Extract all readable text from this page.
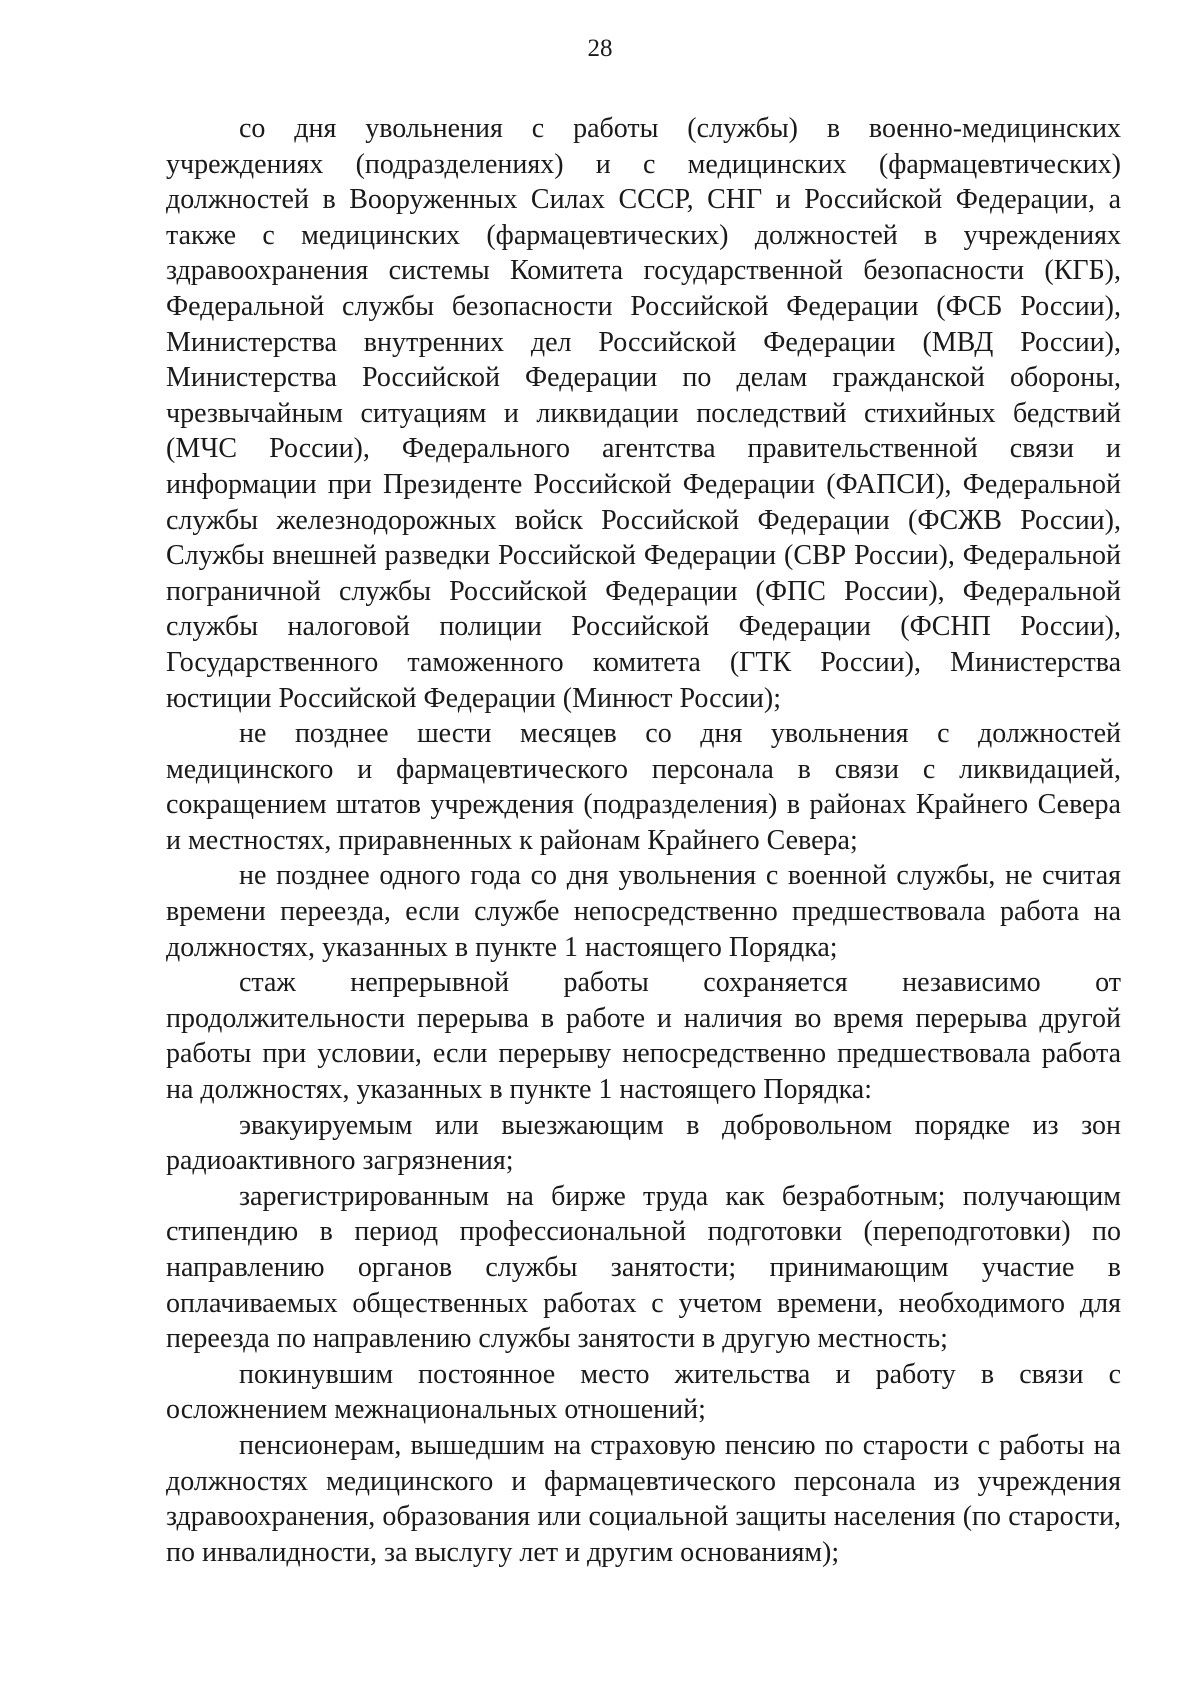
28

со дня увольнения с работы (службы) в военно-медицинских учреждениях (подразделениях) и с медицинских (фармацевтических) должностей в Вооруженных Силах СССР, СНГ и Российской Федерации, а также с медицинских (фармацевтических) должностей в учреждениях здравоохранения системы Комитета государственной безопасности (КГБ), Федеральной службы безопасности Российской Федерации (ФСБ России), Министерства внутренних дел Российской Федерации (МВД России), Министерства Российской Федерации по делам гражданской обороны, чрезвычайным ситуациям и ликвидации последствий стихийных бедствий (МЧС России), Федерального агентства правительственной связи и информации при Президенте Российской Федерации (ФАПСИ), Федеральной службы железнодорожных войск Российской Федерации (ФСЖВ России), Службы внешней разведки Российской Федерации (СВР России), Федеральной пограничной службы Российской Федерации (ФПС России), Федеральной службы налоговой полиции Российской Федерации (ФСНП России), Государственного таможенного комитета (ГТК России), Министерства юстиции Российской Федерации (Минюст России);

не позднее шести месяцев со дня увольнения с должностей медицинского и фармацевтического персонала в связи с ликвидацией, сокращением штатов учреждения (подразделения) в районах Крайнего Севера и местностях, приравненных к районам Крайнего Севера;

не позднее одного года со дня увольнения с военной службы, не считая времени переезда, если службе непосредственно предшествовала работа на должностях, указанных в пункте 1 настоящего Порядка;

стаж непрерывной работы сохраняется независимо от продолжительности перерыва в работе и наличия во время перерыва другой работы при условии, если перерыву непосредственно предшествовала работа на должностях, указанных в пункте 1 настоящего Порядка:

эвакуируемым или выезжающим в добровольном порядке из зон радиоактивного загрязнения;

зарегистрированным на бирже труда как безработным; получающим стипендию в период профессиональной подготовки (переподготовки) по направлению органов службы занятости; принимающим участие в оплачиваемых общественных работах с учетом времени, необходимого для переезда по направлению службы занятости в другую местность;

покинувшим постоянное место жительства и работу в связи с осложнением межнациональных отношений;

пенсионерам, вышедшим на страховую пенсию по старости с работы на должностях медицинского и фармацевтического персонала из учреждения здравоохранения, образования или социальной защиты населения (по старости, по инвалидности, за выслугу лет и другим основаниям);
